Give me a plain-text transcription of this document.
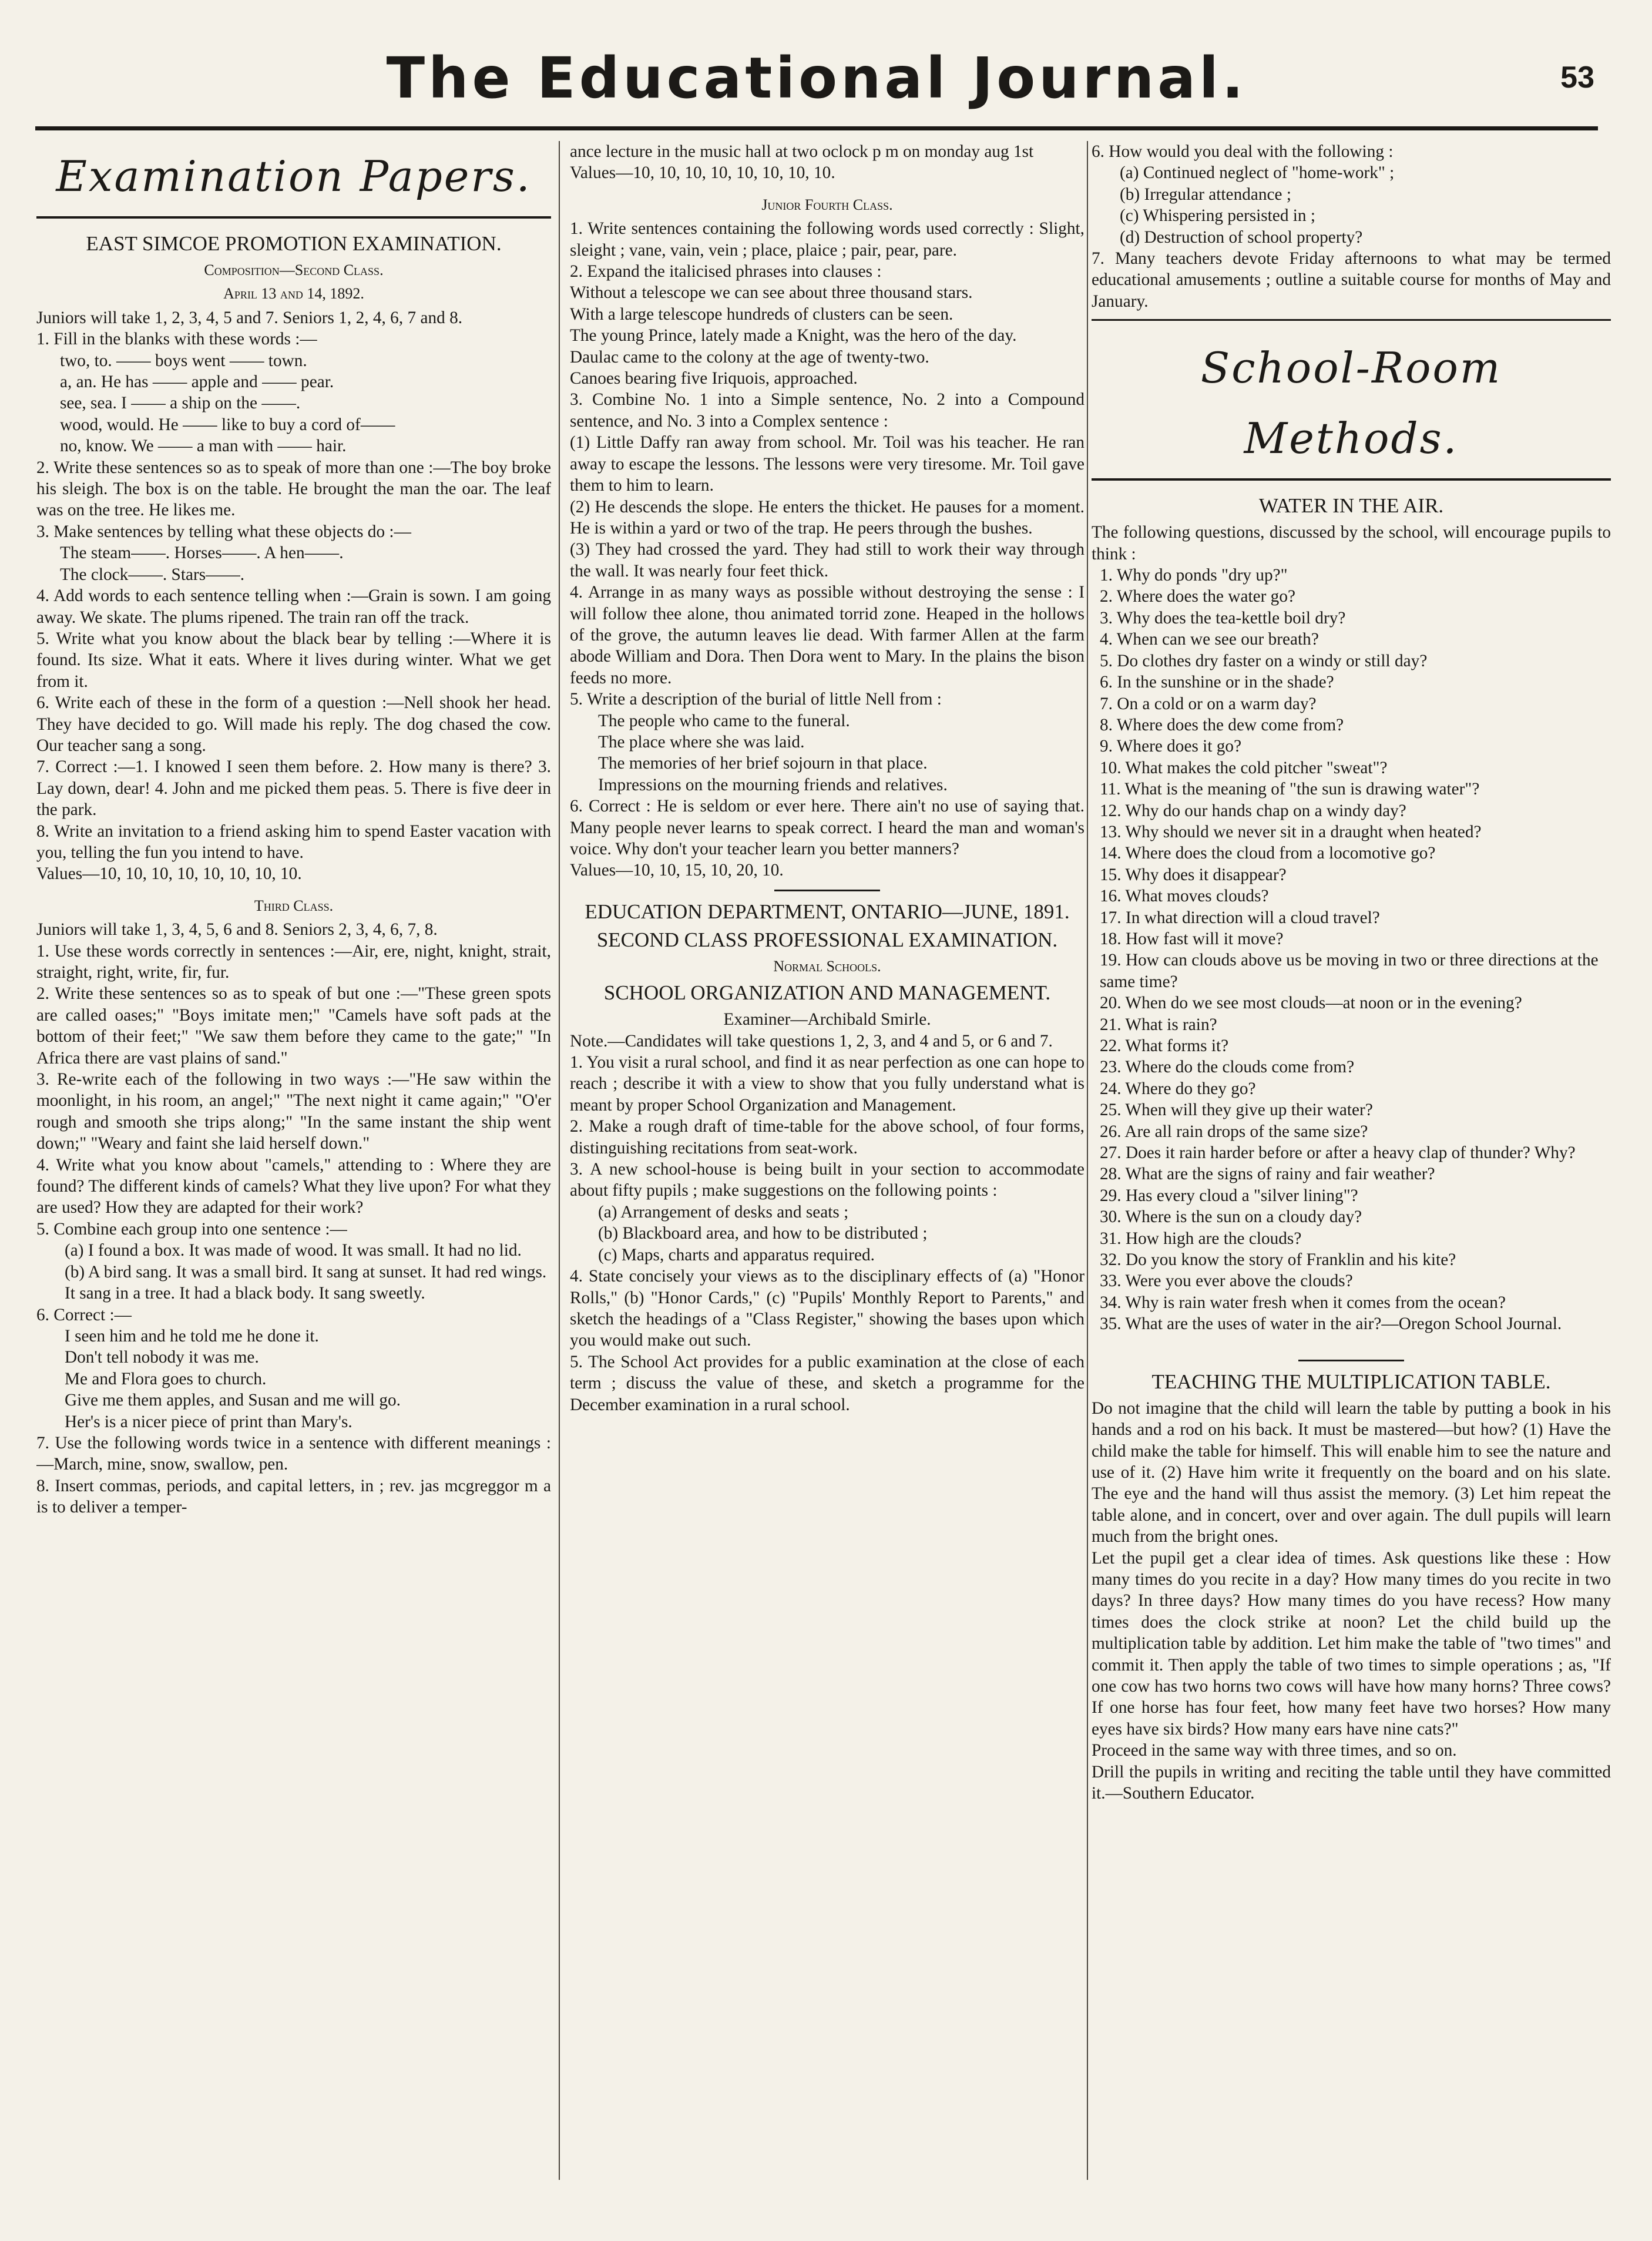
The Educational Journal.	53
Examination Papers.

EAST SIMCOE PROMOTION EXAMINATION.

Composition—Second Class.

April 13 and 14, 1892.

Juniors will take 1, 2, 3, 4, 5 and 7. Seniors 1, 2, 4, 6, 7 and 8.

1. Fill in the blanks with these words :—

two, to. —— boys went —— town.

a, an. He has —— apple and —— pear.

see, sea. I —— a ship on the ——.

wood, would. He —— like to buy a cord of——

no, know. We —— a man with —— hair.

2. Write these sentences so as to speak of more than one :—The boy broke his sleigh. The box is on the table. He brought the man the oar. The leaf was on the tree. He likes me.

3. Make sentences by telling what these objects do :—

The steam——. Horses——. A hen——.

The clock——. Stars——.

4. Add words to each sentence telling when :—Grain is sown. I am going away. We skate. The plums ripened. The train ran off the track.

5. Write what you know about the black bear by telling :—Where it is found. Its size. What it eats. Where it lives during winter. What we get from it.

6. Write each of these in the form of a question :—Nell shook her head. They have decided to go. Will made his reply. The dog chased the cow. Our teacher sang a song.

7. Correct :—1. I knowed I seen them before. 2. How many is there? 3. Lay down, dear! 4. John and me picked them peas. 5. There is five deer in the park.

8. Write an invitation to a friend asking him to spend Easter vacation with you, telling the fun you intend to have.

Values—10, 10, 10, 10, 10, 10, 10, 10.

Third Class.

Juniors will take 1, 3, 4, 5, 6 and 8. Seniors 2, 3, 4, 6, 7, 8.

1. Use these words correctly in sentences :—Air, ere, night, knight, strait, straight, right, write, fir, fur.

2. Write these sentences so as to speak of but one :—"These green spots are called oases;" "Boys imitate men;" "Camels have soft pads at the bottom of their feet;" "We saw them before they came to the gate;" "In Africa there are vast plains of sand."

3. Re-write each of the following in two ways :—"He saw within the moonlight, in his room, an angel;" "The next night it came again;" "O'er rough and smooth she trips along;" "In the same instant the ship went down;" "Weary and faint she laid herself down."

4. Write what you know about "camels," attending to : Where they are found? The different kinds of camels? What they live upon? For what they are used? How they are adapted for their work?

5. Combine each group into one sentence :—

(a) I found a box. It was made of wood. It was small. It had no lid.

(b) A bird sang. It was a small bird. It sang at sunset. It had red wings. It sang in a tree. It had a black body. It sang sweetly.

6. Correct :—

I seen him and he told me he done it.

Don't tell nobody it was me.

Me and Flora goes to church.

Give me them apples, and Susan and me will go.

Her's is a nicer piece of print than Mary's.

7. Use the following words twice in a sentence with different meanings :—March, mine, snow, swallow, pen.

8. Insert commas, periods, and capital letters, in ; rev. jas mcgreggor m a is to deliver a temper-

ance lecture in the music hall at two oclock p m on monday aug 1st

Values—10, 10, 10, 10, 10, 10, 10, 10.

Junior Fourth Class.

1. Write sentences containing the following words used correctly : Slight, sleight ; vane, vain, vein ; place, plaice ; pair, pear, pare.

2. Expand the italicised phrases into clauses :

Without a telescope we can see about three thousand stars.

With a large telescope hundreds of clusters can be seen.

The young Prince, lately made a Knight, was the hero of the day.

Daulac came to the colony at the age of twenty-two.

Canoes bearing five Iriquois, approached.

3. Combine No. 1 into a Simple sentence, No. 2 into a Compound sentence, and No. 3 into a Complex sentence :

(1) Little Daffy ran away from school. Mr. Toil was his teacher. He ran away to escape the lessons. The lessons were very tiresome. Mr. Toil gave them to him to learn.

(2) He descends the slope. He enters the thicket. He pauses for a moment. He is within a yard or two of the trap. He peers through the bushes.

(3) They had crossed the yard. They had still to work their way through the wall. It was nearly four feet thick.

4. Arrange in as many ways as possible without destroying the sense : I will follow thee alone, thou animated torrid zone. Heaped in the hollows of the grove, the autumn leaves lie dead. With farmer Allen at the farm abode William and Dora. Then Dora went to Mary. In the plains the bison feeds no more.

5. Write a description of the burial of little Nell from :

The people who came to the funeral.

The place where she was laid.

The memories of her brief sojourn in that place.

Impressions on the mourning friends and relatives.

6. Correct : He is seldom or ever here. There ain't no use of saying that. Many people never learns to speak correct. I heard the man and woman's voice. Why don't your teacher learn you better manners?

Values—10, 10, 15, 10, 20, 10.

EDUCATION DEPARTMENT, ONTARIO—JUNE, 1891.

SECOND CLASS PROFESSIONAL EXAMINATION.

Normal Schools.

SCHOOL ORGANIZATION AND MANAGEMENT.

Examiner—Archibald Smirle.

Note.—Candidates will take questions 1, 2, 3, and 4 and 5, or 6 and 7.

1. You visit a rural school, and find it as near perfection as one can hope to reach ; describe it with a view to show that you fully understand what is meant by proper School Organization and Management.

2. Make a rough draft of time-table for the above school, of four forms, distinguishing recitations from seat-work.

3. A new school-house is being built in your section to accommodate about fifty pupils ; make suggestions on the following points :

(a) Arrangement of desks and seats ;

(b) Blackboard area, and how to be distributed ;

(c) Maps, charts and apparatus required.

4. State concisely your views as to the disciplinary effects of (a) "Honor Rolls," (b) "Honor Cards," (c) "Pupils' Monthly Report to Parents," and sketch the headings of a "Class Register," showing the bases upon which you would make out such.

5. The School Act provides for a public examination at the close of each term ; discuss the value of these, and sketch a programme for the December examination in a rural school.

6. How would you deal with the following :

(a) Continued neglect of "home-work" ;

(b) Irregular attendance ;

(c) Whispering persisted in ;

(d) Destruction of school property?

7. Many teachers devote Friday afternoons to what may be termed educational amusements ; outline a suitable course for months of May and January.

School-Room Methods.

WATER IN THE AIR.

The following questions, discussed by the school, will encourage pupils to think :

1. Why do ponds "dry up?"

2. Where does the water go?

3. Why does the tea-kettle boil dry?

4. When can we see our breath?

5. Do clothes dry faster on a windy or still day?

6. In the sunshine or in the shade?

7. On a cold or on a warm day?

8. Where does the dew come from?

9. Where does it go?

10. What makes the cold pitcher "sweat"?

11. What is the meaning of "the sun is drawing water"?

12. Why do our hands chap on a windy day?

13. Why should we never sit in a draught when heated?

14. Where does the cloud from a locomotive go?

15. Why does it disappear?

16. What moves clouds?

17. In what direction will a cloud travel?

18. How fast will it move?

19. How can clouds above us be moving in two or three directions at the same time?

20. When do we see most clouds—at noon or in the evening?

21. What is rain?

22. What forms it?

23. Where do the clouds come from?

24. Where do they go?

25. When will they give up their water?

26. Are all rain drops of the same size?

27. Does it rain harder before or after a heavy clap of thunder? Why?

28. What are the signs of rainy and fair weather?

29. Has every cloud a "silver lining"?

30. Where is the sun on a cloudy day?

31. How high are the clouds?

32. Do you know the story of Franklin and his kite?

33. Were you ever above the clouds?

34. Why is rain water fresh when it comes from the ocean?

35. What are the uses of water in the air?—Oregon School Journal.

TEACHING THE MULTIPLICATION TABLE.

Do not imagine that the child will learn the table by putting a book in his hands and a rod on his back. It must be mastered—but how? (1) Have the child make the table for himself. This will enable him to see the nature and use of it. (2) Have him write it frequently on the board and on his slate. The eye and the hand will thus assist the memory. (3) Let him repeat the table alone, and in concert, over and over again. The dull pupils will learn much from the bright ones.

Let the pupil get a clear idea of times. Ask questions like these : How many times do you recite in a day? How many times do you recite in two days? In three days? How many times do you have recess? How many times does the clock strike at noon? Let the child build up the multiplication table by addition. Let him make the table of "two times" and commit it. Then apply the table of two times to simple operations ; as, "If one cow has two horns two cows will have how many horns? Three cows? If one horse has four feet, how many feet have two horses? How many eyes have six birds? How many ears have nine cats?"

Proceed in the same way with three times, and so on.

Drill the pupils in writing and reciting the table until they have committed it.—Southern Educator.
